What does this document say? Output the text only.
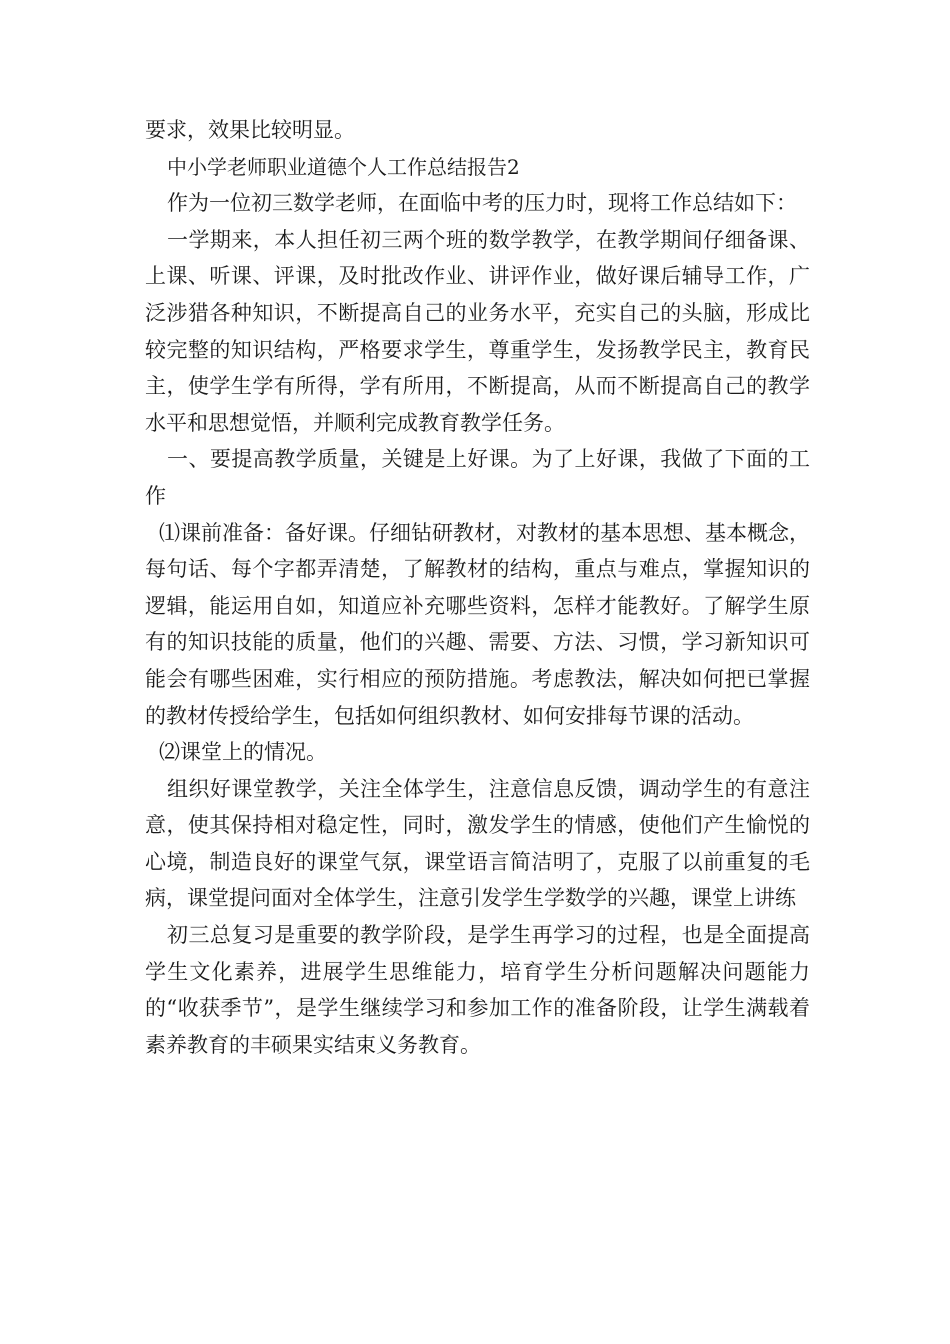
要求，效果比较明显。

中小学老师职业道德个人工作总结报告2

作为一位初三数学老师，在面临中考的压力时，现将工作总结如下：

一学期来，本人担任初三两个班的数学教学，在教学期间仔细备课、上课、听课、评课，及时批改作业、讲评作业，做好课后辅导工作，广泛涉猎各种知识，不断提高自己的业务水平，充实自己的头脑，形成比较完整的知识结构，严格要求学生，尊重学生，发扬教学民主，教育民主，使学生学有所得，学有所用，不断提高，从而不断提高自己的教学水平和思想觉悟，并顺利完成教育教学任务。

一、要提高教学质量，关键是上好课。为了上好课，我做了下面的工作

⑴课前准备：备好课。仔细钻研教材，对教材的基本思想、基本概念，每句话、每个字都弄清楚，了解教材的结构，重点与难点，掌握知识的逻辑，能运用自如，知道应补充哪些资料，怎样才能教好。了解学生原有的知识技能的质量，他们的兴趣、需要、方法、习惯，学习新知识可能会有哪些困难，实行相应的预防措施。考虑教法，解决如何把已掌握的教材传授给学生，包括如何组织教材、如何安排每节课的活动。

⑵课堂上的情况。

组织好课堂教学，关注全体学生，注意信息反馈，调动学生的有意注意，使其保持相对稳定性，同时，激发学生的情感，使他们产生愉悦的心境，制造良好的课堂气氛，课堂语言简洁明了，克服了以前重复的毛病，课堂提问面对全体学生，注意引发学生学数学的兴趣，课堂上讲练

初三总复习是重要的教学阶段，是学生再学习的过程，也是全面提高学生文化素养，进展学生思维能力，培育学生分析问题解决问题能力的“收获季节”，是学生继续学习和参加工作的准备阶段，让学生满载着素养教育的丰硕果实结束义务教育。
